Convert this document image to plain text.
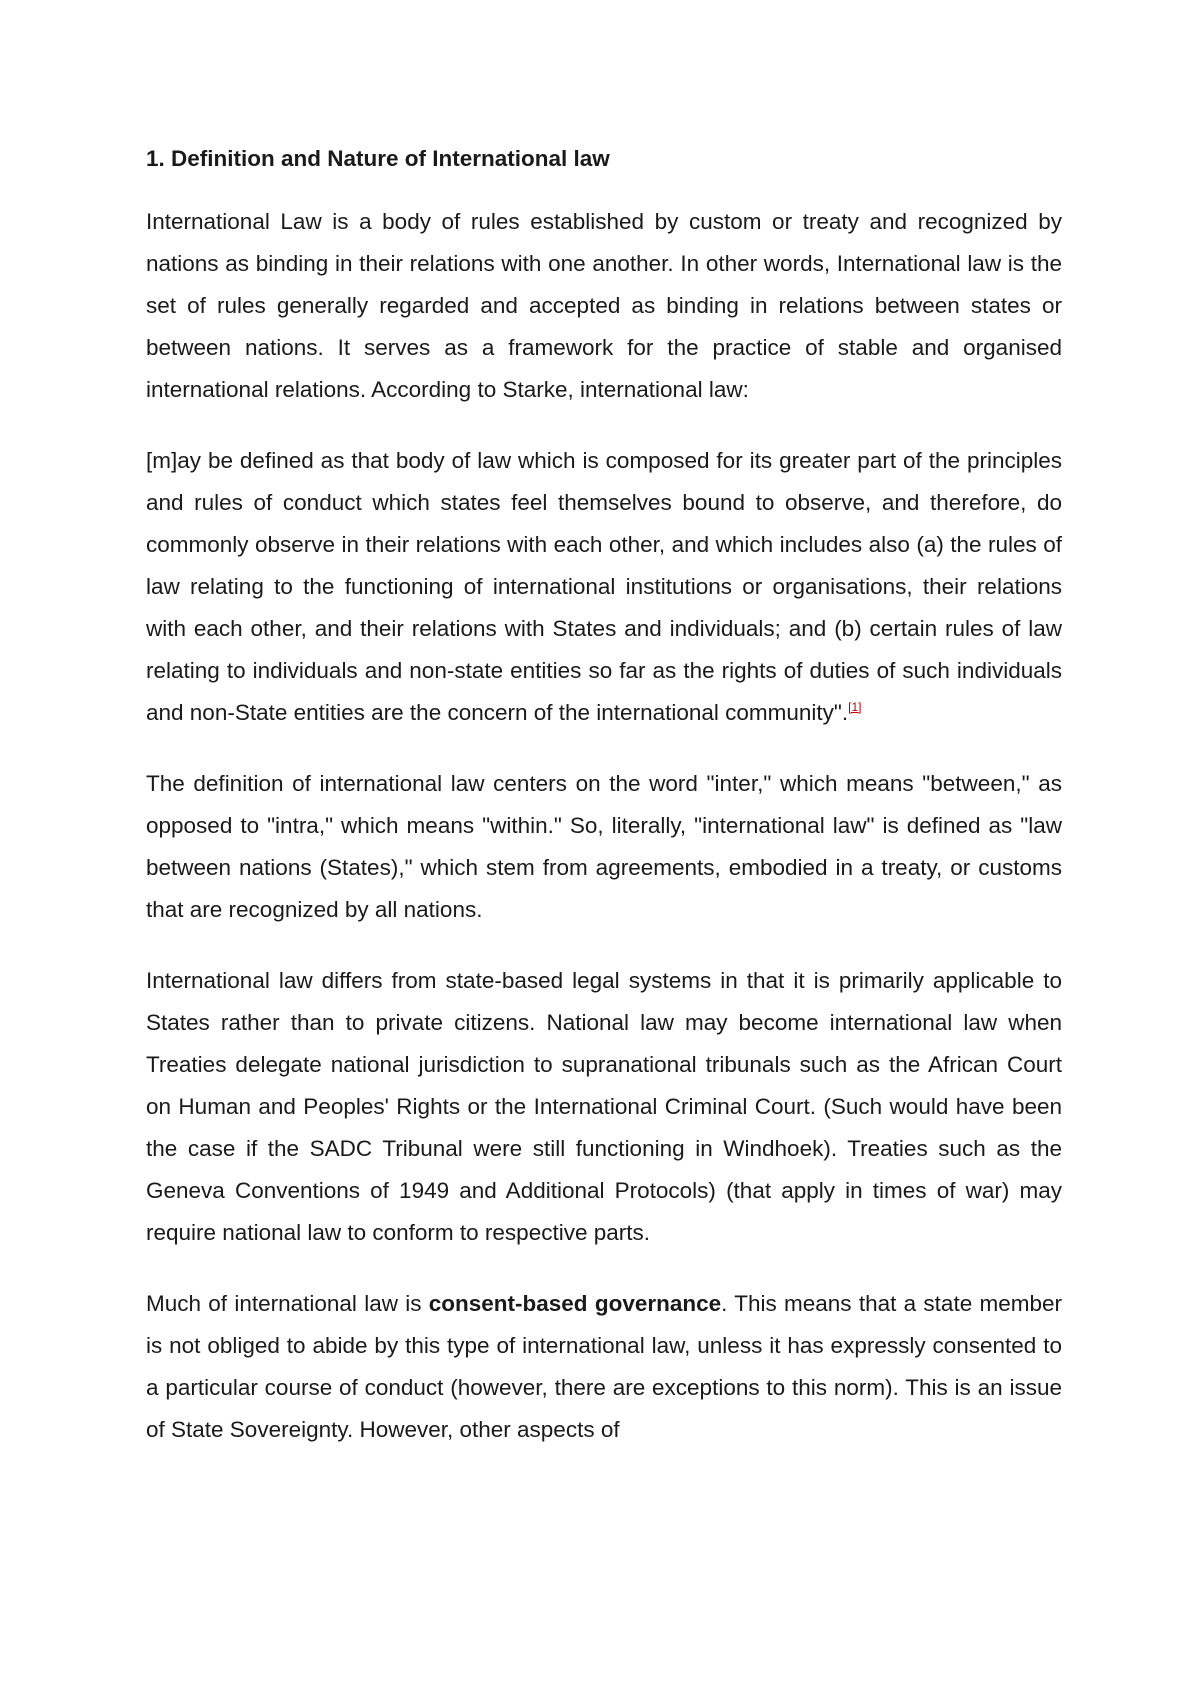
1. Definition and Nature of International law

International Law is a body of rules established by custom or treaty and recognized by nations as binding in their relations with one another. In other words, International law is the set of rules generally regarded and accepted as binding in relations between states or between nations. It serves as a framework for the practice of stable and organised international relations. According to Starke, international law:

[m]ay be defined as that body of law which is composed for its greater part of the principles and rules of conduct which states feel themselves bound to observe, and therefore, do commonly observe in their relations with each other, and which includes also (a) the rules of law relating to the functioning of international institutions or organisations, their relations with each other, and their relations with States and individuals; and (b) certain rules of law relating to individuals and non-state entities so far as the rights of duties of such individuals and non-State entities are the concern of the international community".[1]

The definition of international law centers on the word "inter," which means "between," as opposed to "intra," which means "within." So, literally, "international law" is defined as "law between nations (States)," which stem from agreements, embodied in a treaty, or customs that are recognized by all nations.

International law differs from state-based legal systems in that it is primarily applicable to States rather than to private citizens. National law may become international law when Treaties delegate national jurisdiction to supranational tribunals such as the African Court on Human and Peoples' Rights or the International Criminal Court. (Such would have been the case if the SADC Tribunal were still functioning in Windhoek). Treaties such as the Geneva Conventions of 1949 and Additional Protocols) (that apply in times of war) may require national law to conform to respective parts.

Much of international law is consent-based governance. This means that a state member is not obliged to abide by this type of international law, unless it has expressly consented to a particular course of conduct (however, there are exceptions to this norm). This is an issue of State Sovereignty. However, other aspects of
